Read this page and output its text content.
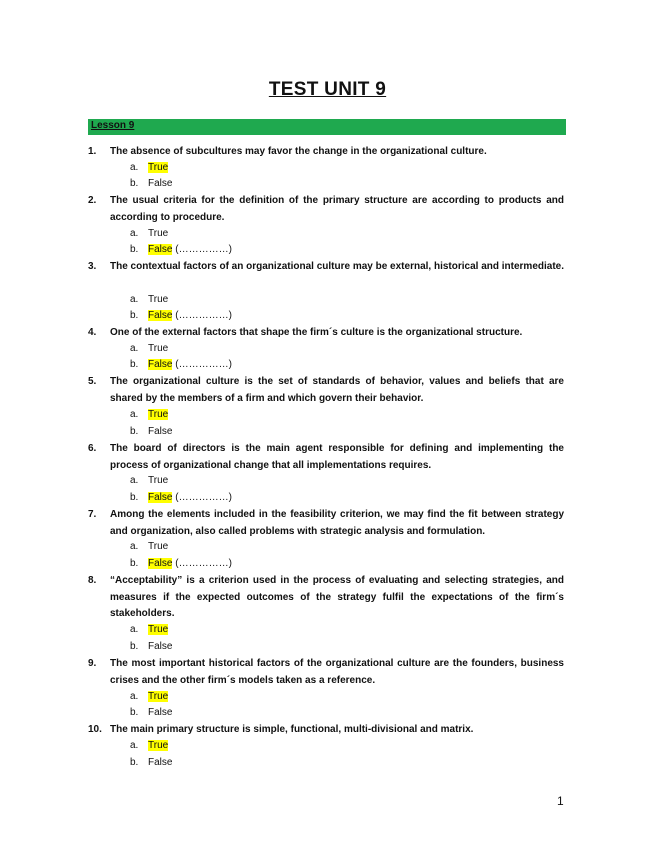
TEST UNIT 9
Lesson 9
1.	The absence of subcultures may favor the change in the organizational culture.
a. True
b. False
2.	The usual criteria for the definition of the primary structure are according to products and according to procedure.
a. True
b. False (……………)
3.	The contextual factors of an organizational culture may be external, historical and intermediate.
a. True
b. False (……………)
4.	One of the external factors that shape the firm´s culture is the organizational structure.
a. True
b. False (……………)
5.	The organizational culture is the set of standards of behavior, values and beliefs that are shared by the members of a firm and which govern their behavior.
a. True
b. False
6.	The board of directors is the main agent responsible for defining and implementing the process of organizational change that all implementations requires.
a. True
b. False (……………)
7.	Among the elements included in the feasibility criterion, we may find the fit between strategy and organization, also called problems with strategic analysis and formulation.
a. True
b. False (……………)
8.	“Acceptability” is a criterion used in the process of evaluating and selecting strategies, and measures if the expected outcomes of the strategy fulfil the expectations of the firm´s stakeholders.
a. True
b. False
9.	The most important historical factors of the organizational culture are the founders, business crises and the other firm´s models taken as a reference.
a. True
b. False
10. The main primary structure is simple, functional, multi-divisional and matrix.
a. True
b. False
1
